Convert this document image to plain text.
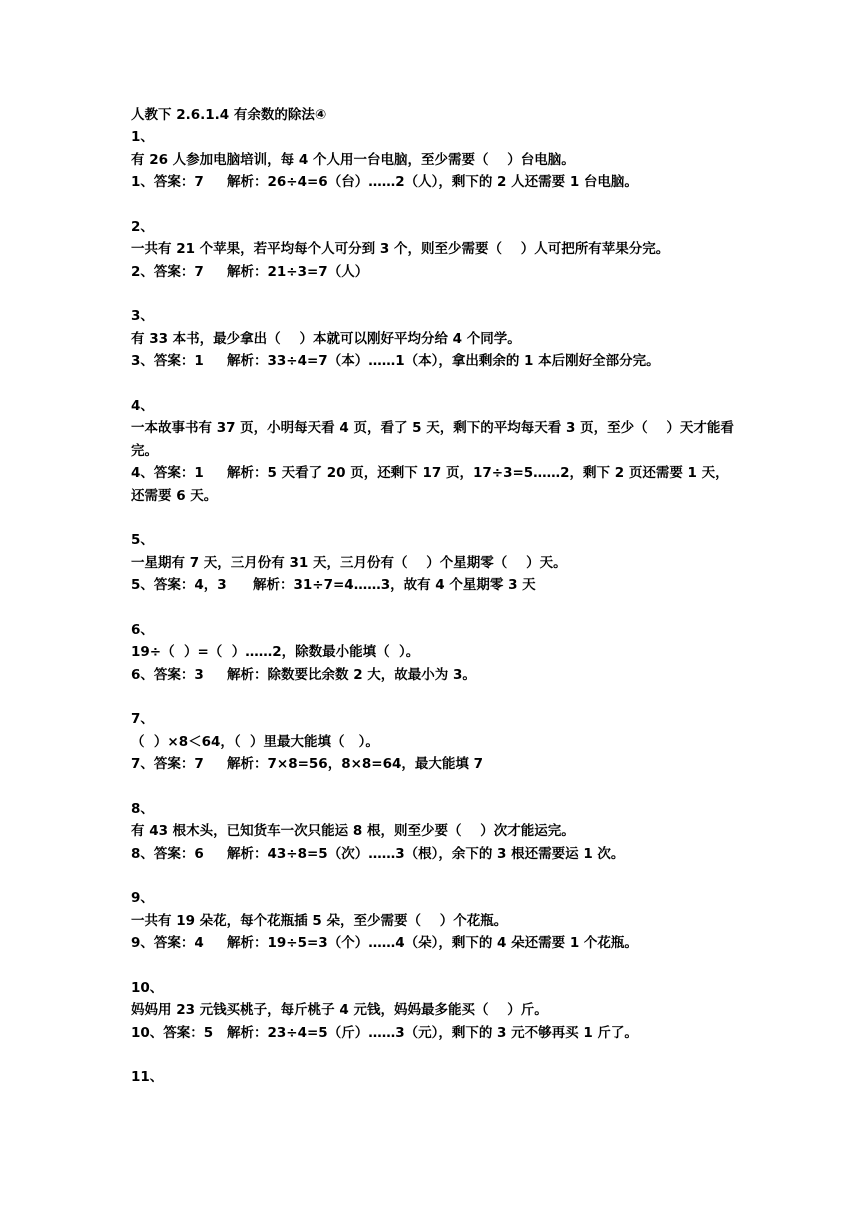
人教下 2.6.1.4 有余数的除法④

1、

有 26 人参加电脑培训，每 4 个人用一台电脑，至少需要（    ）台电脑。

1、答案：7 解析：26÷4=6（台）……2（人），剩下的 2 人还需要 1 台电脑。

2、

一共有 21 个苹果，若平均每个人可分到 3 个，则至少需要（    ）人可把所有苹果分完。

2、答案：7 解析：21÷3=7（人）

3、

有 33 本书，最少拿出（    ）本就可以刚好平均分给 4 个同学。

3、答案：1 解析：33÷4=7（本）……1（本），拿出剩余的 1 本后刚好全部分完。

4、

一本故事书有 37 页，小明每天看 4 页，看了 5 天，剩下的平均每天看 3 页，至少（    ）天才能看完。

4、答案：1 解析：5 天看了 20 页，还剩下 17 页，17÷3=5……2，剩下 2 页还需要 1 天，还需要 6 天。

5、

一星期有 7 天，三月份有 31 天，三月份有（    ）个星期零（    ）天。

5、答案：4，3 解析：31÷7=4……3，故有 4 个星期零 3 天

6、

19÷（  ）=（  ）……2，除数最小能填（  ）。

6、答案：3 解析：除数要比余数 2 大，故最小为 3。

7、

（  ）×8＜64，（  ）里最大能填（   ）。

7、答案：7 解析：7×8=56，8×8=64，最大能填 7

8、

有 43 根木头，已知货车一次只能运 8 根，则至少要（    ）次才能运完。

8、答案：6 解析：43÷8=5（次）……3（根），余下的 3 根还需要运 1 次。

9、

一共有 19 朵花，每个花瓶插 5 朵，至少需要（    ）个花瓶。

9、答案：4 解析：19÷5=3（个）……4（朵），剩下的 4 朵还需要 1 个花瓶。

10、

妈妈用 23 元钱买桃子，每斤桃子 4 元钱，妈妈最多能买（    ）斤。

10、答案：5 解析：23÷4=5（斤）……3（元），剩下的 3 元不够再买 1 斤了。

11、
